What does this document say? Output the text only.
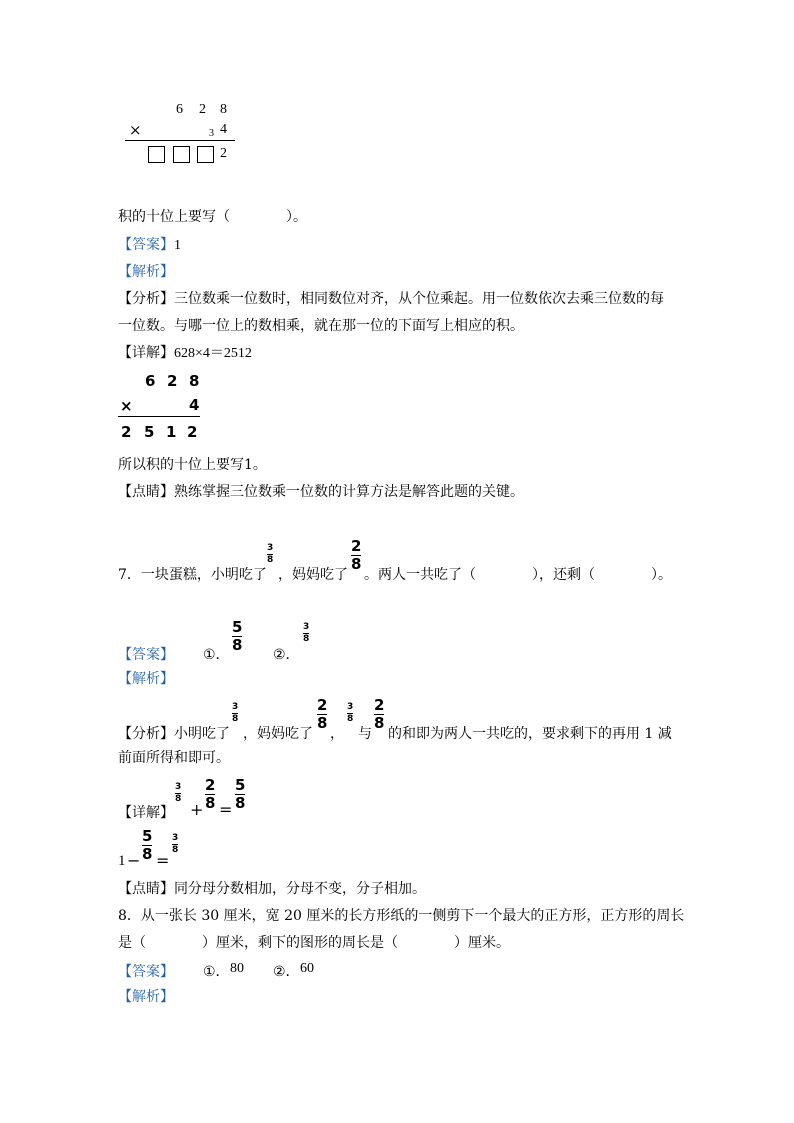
6 2 8
×	3 4
2
积的十位上要写（　　　　）。
【答案】1
【解析】
【分析】三位数乘一位数时，相同数位对齐，从个位乘起。用一位数依次去乘三位数的每
一位数。与哪一位上的数相乘，就在那一位的下面写上相应的积。
【详解】628×4＝2512
6 2 8
×	4
2 5 1 2
所以积的十位上要写1。
【点睛】熟练掌握三位数乘一位数的计算方法是解答此题的关键。
7．一块蛋糕，小明吃了
3
8
，妈妈吃了
2
8
。两人一共吃了（　　　　），还剩（　　　　）。
【答案】 ①．
5
8
②．
3
8
【解析】
【分析】 小明吃了
3
8
，妈妈吃了
2
8
，
3
8
与
2
8
的和即为两人一共吃的，要求剩下的再用 1 减
前面所得和即可。
【详解】
3
8
+
2
8 =
5
8
1 −
5
8 =
3
8
【点睛】同分母分数相加，分母不变，分子相加。
8．从一张长 30 厘米，宽 20 厘米的长方形纸的一侧剪下一个最大的正方形，正方形的周长
是（　　　　）厘米，剩下的图形的周长是（　　　　）厘米。
【答案】 ①． 80 ②． 60
【解析】
